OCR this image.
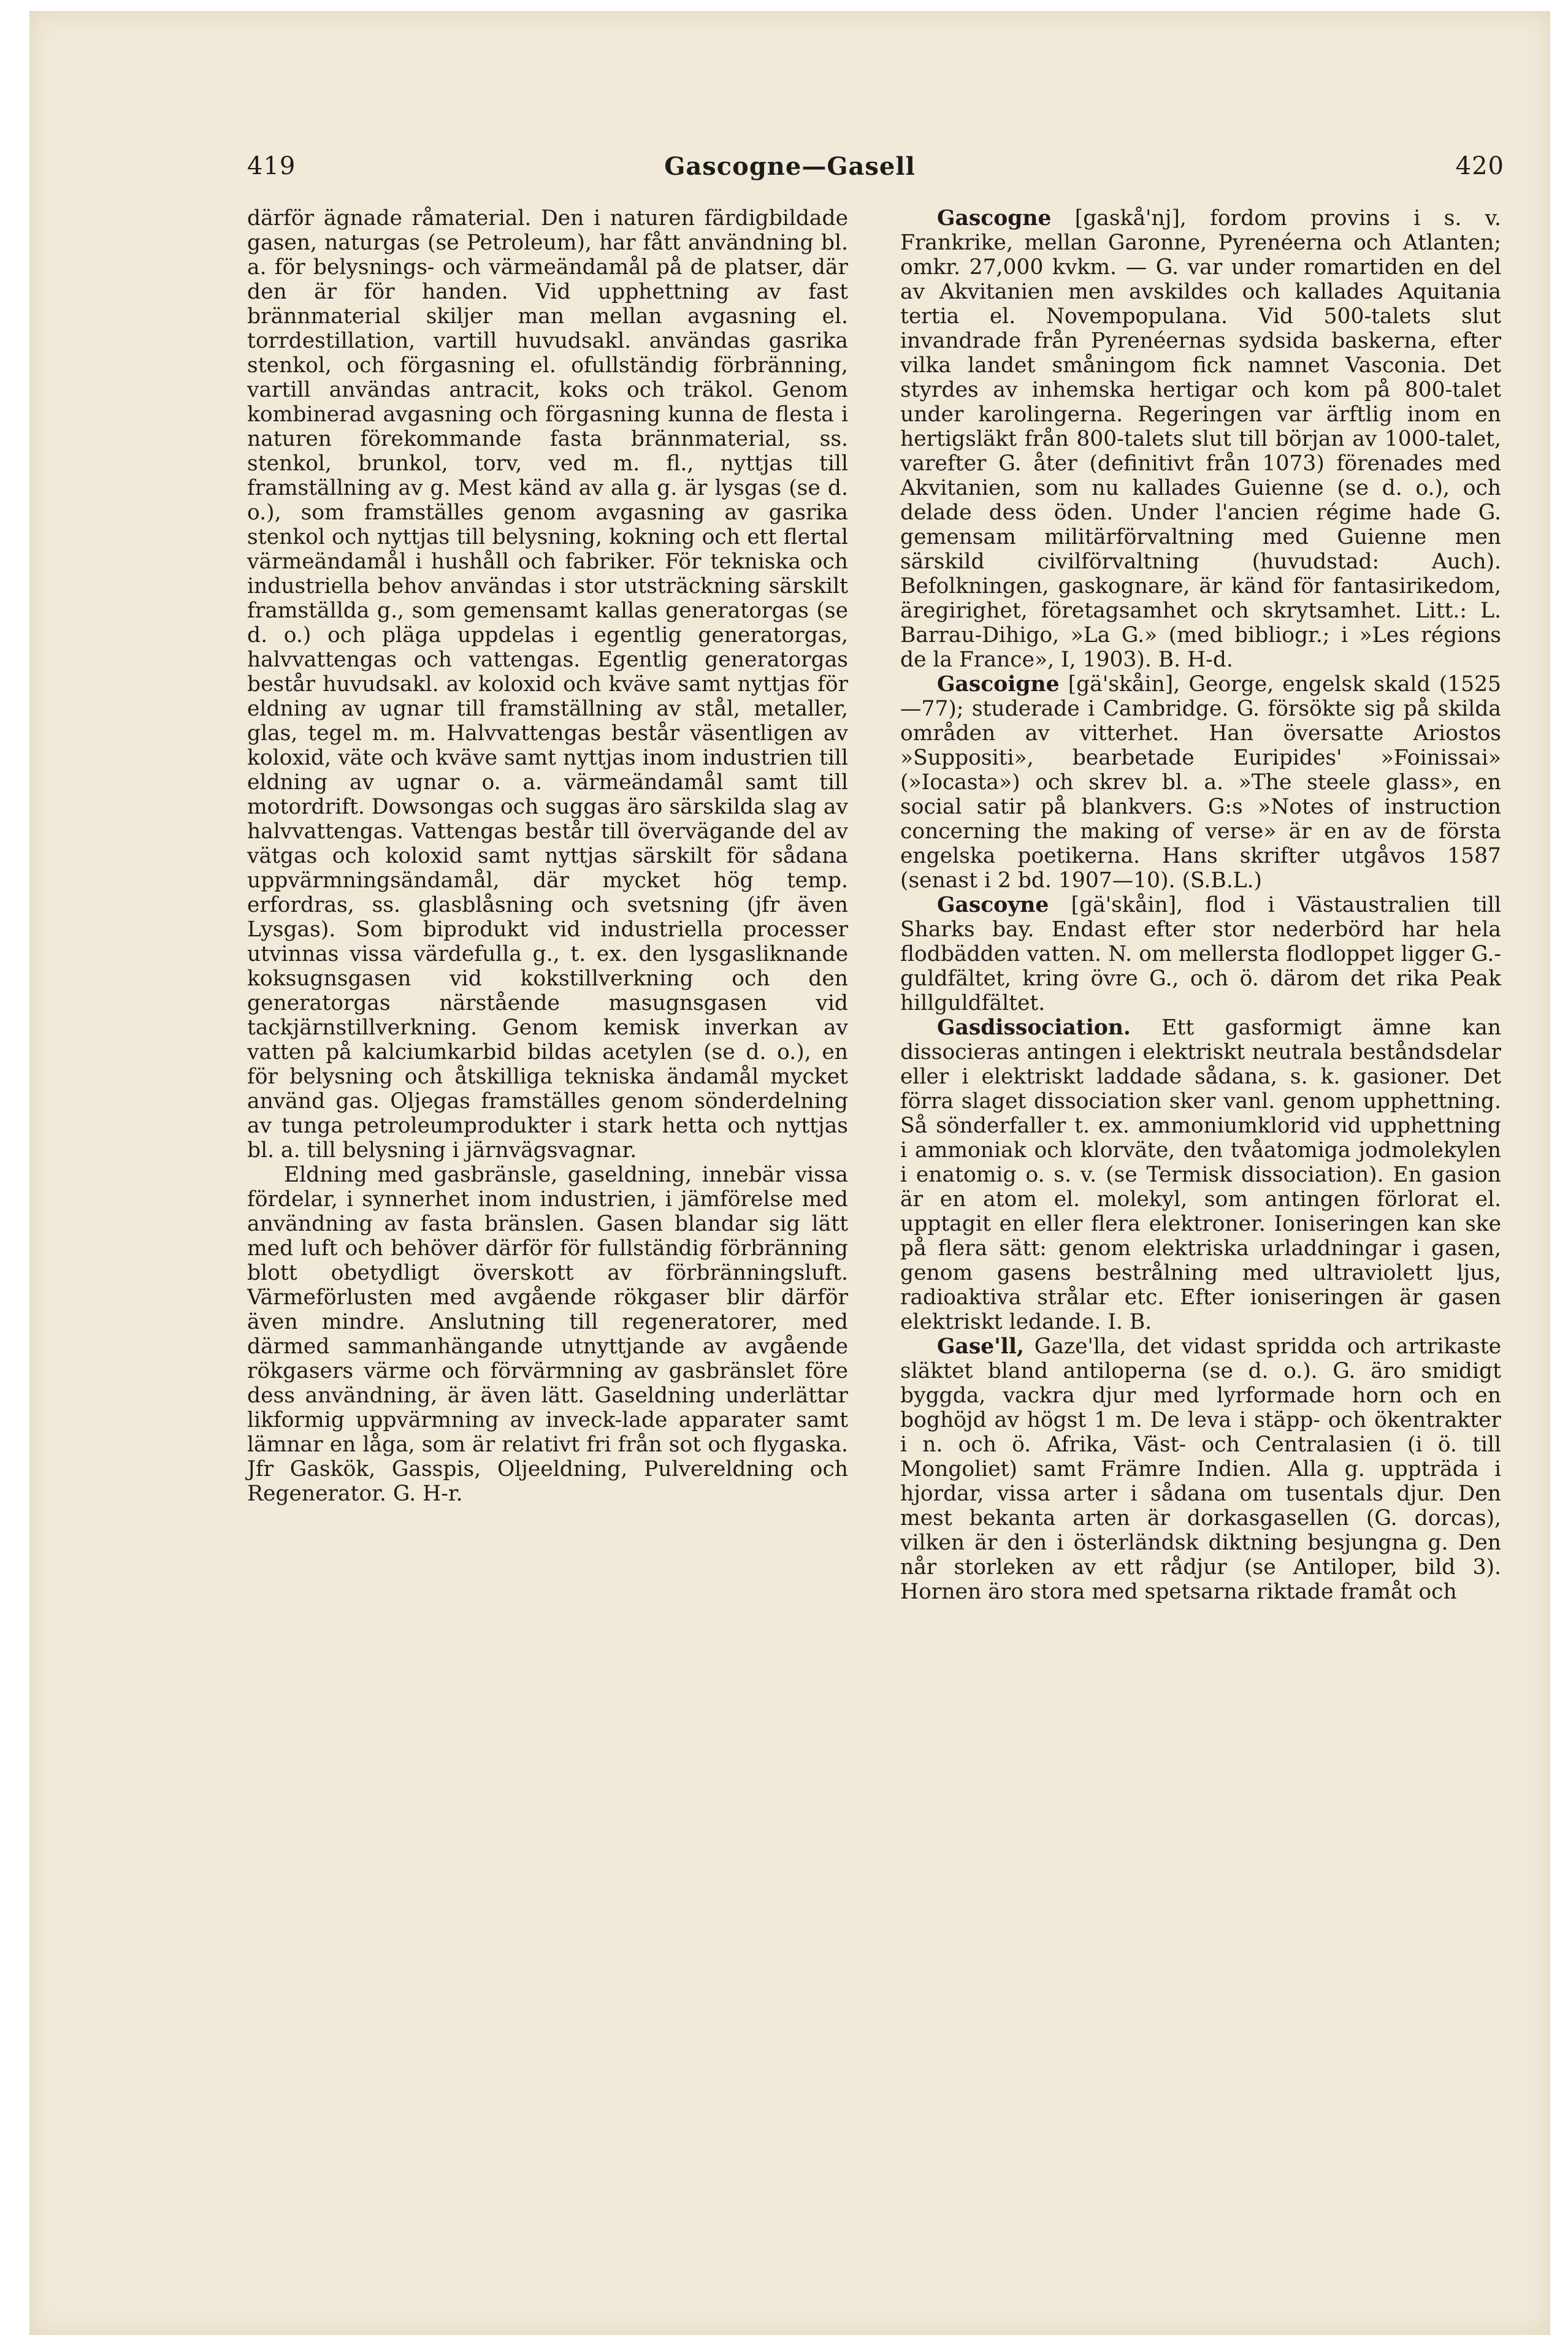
419	Gascogne—Gasell	420

därför ägnade råmaterial. Den i naturen färdigbildade gasen, naturgas (se Petroleum), har fått användning bl. a. för belysnings- och värmeändamål på de platser, där den är för handen. Vid upphettning av fast brännmaterial skiljer man mellan avgasning el. torrdestillation, vartill huvudsakl. användas gasrika stenkol, och förgasning el. ofullständig förbränning, vartill användas antracit, koks och träkol. Genom kombinerad avgasning och förgasning kunna de flesta i naturen förekommande fasta brännmaterial, ss. stenkol, brunkol, torv, ved m. fl., nyttjas till framställning av g. Mest känd av alla g. är lysgas (se d. o.), som framställes genom avgasning av gasrika stenkol och nyttjas till belysning, kokning och ett flertal värmeändamål i hushåll och fabriker. För tekniska och industriella behov användas i stor utsträckning särskilt framställda g., som gemensamt kallas generatorgas (se d. o.) och pläga uppdelas i egentlig generatorgas, halvvattengas och vattengas. Egentlig generatorgas består huvudsakl. av koloxid och kväve samt nyttjas för eldning av ugnar till framställning av stål, metaller, glas, tegel m. m. Halvvattengas består väsentligen av koloxid, väte och kväve samt nyttjas inom industrien till eldning av ugnar o. a. värmeändamål samt till motordrift. Dowsongas och suggas äro särskilda slag av halvvattengas. Vattengas består till övervägande del av vätgas och koloxid samt nyttjas särskilt för sådana uppvärmningsändamål, där mycket hög temp. erfordras, ss. glasblåsning och svetsning (jfr även Lysgas). Som biprodukt vid industriella processer utvinnas vissa värdefulla g., t. ex. den lysgasliknande koksugnsgasen vid kokstillverkning och den generatorgas närstående masugnsgasen vid tackjärnstillverkning. Genom kemisk inverkan av vatten på kalciumkarbid bildas acetylen (se d. o.), en för belysning och åtskilliga tekniska ändamål mycket använd gas. Oljegas framställes genom sönderdelning av tunga petroleumprodukter i stark hetta och nyttjas bl. a. till belysning i järnvägsvagnar.

Eldning med gasbränsle, gaseldning, innebär vissa fördelar, i synnerhet inom industrien, i jämförelse med användning av fasta bränslen. Gasen blandar sig lätt med luft och behöver därför för fullständig förbränning blott obetydligt överskott av förbränningsluft. Värmeförlusten med avgående rökgaser blir därför även mindre. Anslutning till regeneratorer, med därmed sammanhängande utnyttjande av avgående rökgasers värme och förvärmning av gasbränslet före dess användning, är även lätt. Gaseldning underlättar likformig uppvärmning av inveck-lade apparater samt lämnar en låga, som är relativt fri från sot och flygaska. Jfr Gaskök, Gasspis, Oljeeldning, Pulvereldning och Regenerator. G. H-r.

Gascogne [gaskå'nj], fordom provins i s. v. Frankrike, mellan Garonne, Pyrenéerna och Atlanten; omkr. 27,000 kvkm. — G. var under romartiden en del av Akvitanien men avskildes och kallades Aquitania tertia el. Novempopulana. Vid 500-talets slut invandrade från Pyrenéernas sydsida baskerna, efter vilka landet småningom fick namnet Vasconia. Det styrdes av inhemska hertigar och kom på 800-talet under karolingerna. Regeringen var ärftlig inom en hertigsläkt från 800-talets slut till början av 1000-talet, varefter G. åter (definitivt från 1073) förenades med Akvitanien, som nu kallades Guienne (se d. o.), och delade dess öden. Under l'ancien régime hade G. gemensam militärförvaltning med Guienne men särskild civilförvaltning (huvudstad: Auch). Befolkningen, gaskognare, är känd för fantasirikedom, äregirighet, företagsamhet och skrytsamhet. Litt.: L. Barrau-Dihigo, »La G.» (med bibliogr.; i »Les régions de la France», I, 1903). B. H-d.

Gascoigne [gä'skåin], George, engelsk skald (1525—77); studerade i Cambridge. G. försökte sig på skilda områden av vitterhet. Han översatte Ariostos »Suppositi», bearbetade Euripides' »Foinissai» (»Iocasta») och skrev bl. a. »The steele glass», en social satir på blankvers. G:s »Notes of instruction concerning the making of verse» är en av de första engelska poetikerna. Hans skrifter utgåvos 1587 (senast i 2 bd. 1907—10). (S.B.L.)

Gascoyne [gä'skåin], flod i Västaustralien till Sharks bay. Endast efter stor nederbörd har hela flodbädden vatten. N. om mellersta flodloppet ligger G.-guldfältet, kring övre G., och ö. därom det rika Peak hillguldfältet.

Gasdissociation. Ett gasformigt ämne kan dissocieras antingen i elektriskt neutrala beståndsdelar eller i elektriskt laddade sådana, s. k. gasioner. Det förra slaget dissociation sker vanl. genom upphettning. Så sönderfaller t. ex. ammoniumklorid vid upphettning i ammoniak och klorväte, den tvåatomiga jodmolekylen i enatomig o. s. v. (se Termisk dissociation). En gasion är en atom el. molekyl, som antingen förlorat el. upptagit en eller flera elektroner. Ioniseringen kan ske på flera sätt: genom elektriska urladdningar i gasen, genom gasens bestrålning med ultraviolett ljus, radioaktiva strålar etc. Efter ioniseringen är gasen elektriskt ledande. I. B.

Gase'll, Gaze'lla, det vidast spridda och artrikaste släktet bland antiloperna (se d. o.). G. äro smidigt byggda, vackra djur med lyrformade horn och en boghöjd av högst 1 m. De leva i stäpp- och ökentrakter i n. och ö. Afrika, Väst- och Centralasien (i ö. till Mongoliet) samt Främre Indien. Alla g. uppträda i hjordar, vissa arter i sådana om tusentals djur. Den mest bekanta arten är dorkasgasellen (G. dorcas), vilken är den i österländsk diktning besjungna g. Den når storleken av ett rådjur (se Antiloper, bild 3). Hornen äro stora med spetsarna riktade framåt och
